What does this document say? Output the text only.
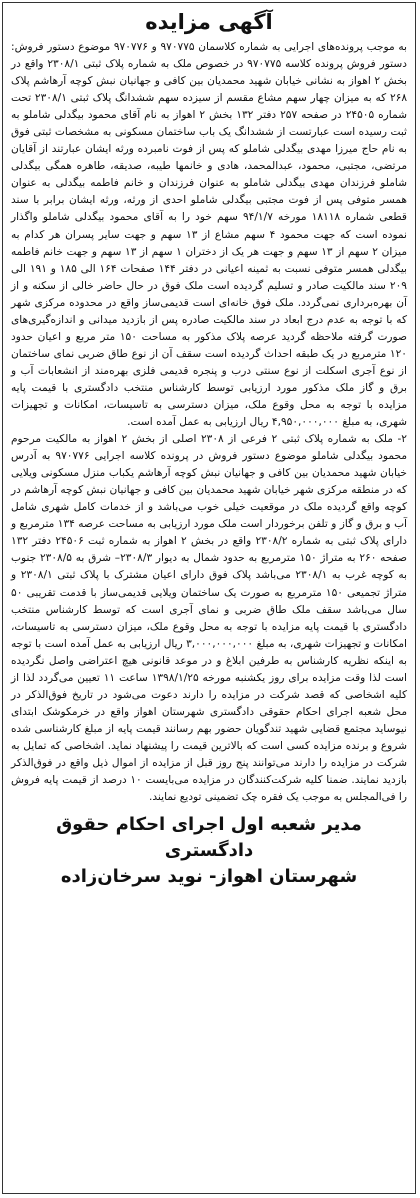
آگهی مزایده

به موجب پرونده‌های اجرایی به شماره کلاسمان ۹۷۰۷۷۵ و ۹۷۰۷۷۶ موضوع دستور فروش: دستور فروش پرونده کلاسه ۹۷۰۷۷۵ در خصوص ملک به شماره پلاک ثبتی ۲۳۰۸/۱ واقع در بخش ۲ اهواز به نشانی خیابان شهید محمدیان بین کافی و جهانیان نبش کوچه آرهاشم پلاک ۲۶۸ که به میزان چهار سهم مشاع مقسم از سیزده سهم ششدانگ پلاک ثبتی ۲۳۰۸/۱ تحت شماره ۲۴۵۰۵ در صفحه ۲۵۷ دفتر ۱۳۲ بخش ۲ اهواز به نام آقای محمود بیگدلی شاملو به ثبت رسیده است عبارتست از ششدانگ یک باب ساختمان مسکونی به مشخصات ثبتی فوق به نام حاج میرزا مهدی بیگدلی شاملو که پس از فوت نامبرده ورثه ایشان عبارتند از آقایان مرتضی، مجتبی، محمود، عبدالمحمد، هادی و خانمها طیبه، صدیقه، طاهره همگی بیگدلی شاملو فرزندان مهدی بیگدلی شاملو به عنوان فرزندان و خانم فاطمه بیگدلی به عنوان همسر متوفی پس از فوت مجتبی بیگدلی شاملو احدی از ورثه، ورثه ایشان برابر با سند قطعی شماره ۱۸۱۱۸ مورخه ۹۴/۱/۷ سهم خود را به آقای محمود بیگدلی شاملو واگذار نموده است که جهت محمود ۴ سهم مشاع از ۱۳ سهم و جهت سایر پسران هر کدام به میزان ۲ سهم از ۱۳ سهم و جهت هر یک از دختران ۱ سهم از ۱۳ سهم و جهت خانم فاطمه بیگدلی همسر متوفی نسبت به ثمینه اعیانی در دفتر ۱۴۴ صفحات ۱۶۴ الی ۱۸۵ و ۱۹۱ الی ۲۰۹ سند مالکیت صادر و تسلیم گردیده است ملک فوق در حال حاضر خالی از سکنه و از آن بهره‌برداری نمی‌گردد. ملک فوق خانه‌ای است قدیمی‌ساز واقع در محدوده مرکزی شهر که با توجه به عدم درج ابعاد در سند مالکیت صادره پس از بازدید میدانی و اندازه‌گیری‌های صورت گرفته ملاحظه گردید عرصه پلاک مذکور به مساحت ۱۵۰ متر مربع و اعیان حدود ۱۲۰ مترمربع در یک طبقه احداث گردیده است سقف آن از نوع طاق ضربی نمای ساختمان از نوع آجری اسکلت از نوع سنتی درب و پنجره قدیمی فلزی بهره‌مند از انشعابات آب و برق و گاز ملک مذکور مورد ارزیابی توسط کارشناس منتخب دادگستری با قیمت پایه مزایده با توجه به محل وقوع ملک، میزان دسترسی به تاسیسات، امکانات و تجهیزات شهری، به مبلغ ۴,۹۵۰,۰۰۰,۰۰۰ ریال ارزیابی به عمل آمده است.

۲- ملک به شماره پلاک ثبتی ۲ فرعی از ۲۳۰۸ اصلی از بخش ۲ اهواز به مالکیت مرحوم محمود بیگدلی شاملو موضوع دستور فروش در پرونده کلاسه اجرایی ۹۷۰۷۷۶ به آدرس خیابان شهید محمدیان بین کافی و جهانیان نبش کوچه آرهاشم یکباب منزل مسکونی ویلایی که در منطقه مرکزی شهر خیابان شهید محمدیان بین کافی و جهانیان نبش کوچه آرهاشم در کوچه واقع گردیده ملک در موقعیت خیلی خوب می‌باشد و از خدمات کامل شهری شامل آب و برق و گاز و تلفن برخوردار است ملک مورد ارزیابی به مساحت عرصه ۱۳۴ مترمربع و دارای پلاک ثبتی به شماره ۲۳۰۸/۲ واقع در بخش ۲ اهواز به شماره ثبت ۲۴۵۰۶ دفتر ۱۳۲ صفحه ۲۶۰ به متراژ ۱۵۰ مترمربع به حدود شمال به دیوار ۲۳۰۸/۳– شرق به ۲۳۰۸/۵ جنوب به کوچه غرب به ۲۳۰۸/۱ می‌باشد پلاک فوق دارای اعیان مشترک با پلاک ثبتی ۲۳۰۸/۱ و متراژ تجمیعی ۱۵۰ مترمربع به صورت یک ساختمان ویلایی قدیمی‌ساز با قدمت تقریبی ۵۰ سال می‌باشد سقف ملک طاق ضربی و نمای آجری است که توسط کارشناس منتخب دادگستری با قیمت پایه مزایده با توجه به محل وقوع ملک، میزان دسترسی به تاسیسات، امکانات و تجهیزات شهری، به مبلغ ۳,۰۰۰,۰۰۰,۰۰۰ ریال ارزیابی به عمل آمده است با توجه به اینکه نظریه کارشناس به طرفین ابلاغ و در موعد قانونی هیچ اعتراضی واصل نگردیده است لذا وقت مزایده برای روز یکشنبه مورخه ۱۳۹۸/۱/۲۵ ساعت ۱۱ تعیین می‌گردد لذا از کلیه اشخاصی که قصد شرکت در مزایده را دارند دعوت می‌شود در تاریخ فوق‌الذکر در محل شعبه اجرای احکام حقوقی دادگستری شهرستان اهواز واقع در خرمکوشک ابتدای نیوساید مجتمع قضایی شهید تندگویان حضور بهم رسانند قیمت پایه از مبلغ کارشناسی شده شروع و برنده مزایده کسی است که بالاترین قیمت را پیشنهاد نماید. اشخاصی که تمایل به شرکت در مزایده را دارند می‌توانند پنج روز قبل از مزایده از اموال ذیل واقع در فوق‌الذکر بازدید نمایند. ضمنا کلیه شرکت‌کنندگان در مزایده می‌بایست ۱۰ درصد از قیمت پایه فروش را فی‌المجلس به موجب یک فقره چک تضمینی تودیع نمایند.

مدیر شعبه اول اجرای احکام حقوق دادگستری
شهرستان اهواز- نوید سرخان‌زاده
